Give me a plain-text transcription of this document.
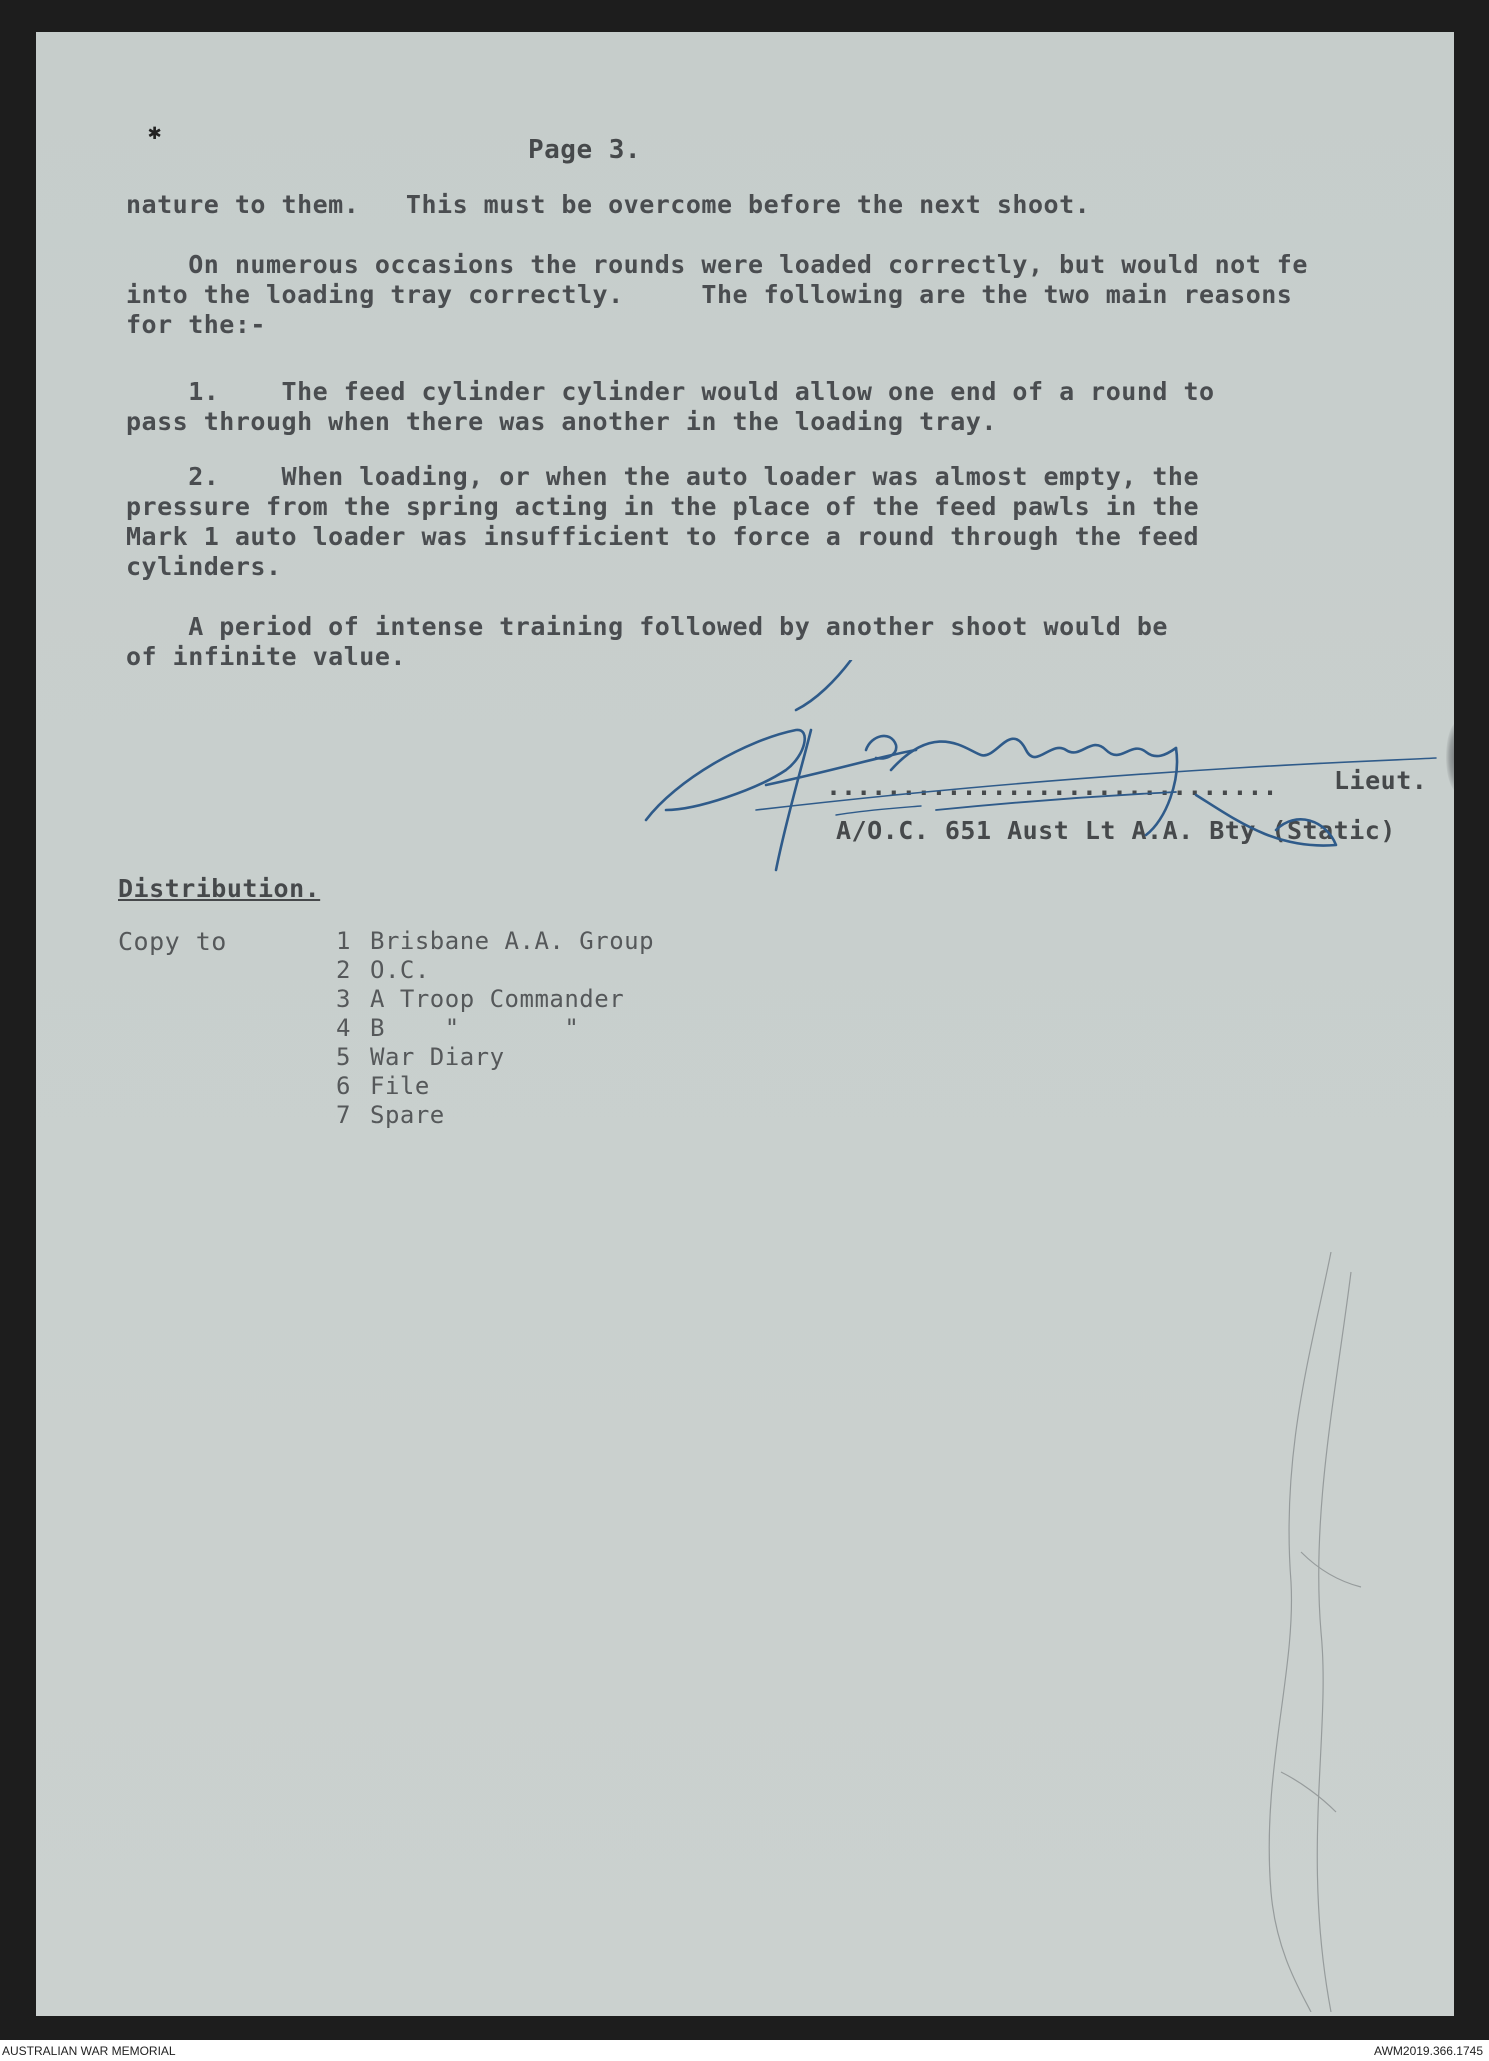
✱
Page 3.
nature to them.   This must be overcome before the next shoot.
On numerous occasions the rounds were loaded correctly, but would not fe
into the loading tray correctly.     The following are the two main reasons
for the:-
1.    The feed cylinder cylinder would allow one end of a round to
pass through when there was another in the loading tray.
2.    When loading, or when the auto loader was almost empty, the
pressure from the spring acting in the place of the feed pawls in the
Mark 1 auto loader was insufficient to force a round through the feed
cylinders.
A period of intense training followed by another shoot would be
of infinite value.
.............................. Lieut.
A/O.C. 651 Aust Lt A.A. Bty (Static)
Distribution.
Copy to	1 Brisbane A.A. Group
2 O.C.
3 A Troop Commander
4 B    "       "
5 War Diary
6 File
7 Spare
AUSTRALIAN WAR MEMORIAL	AWM2019.366.1745
